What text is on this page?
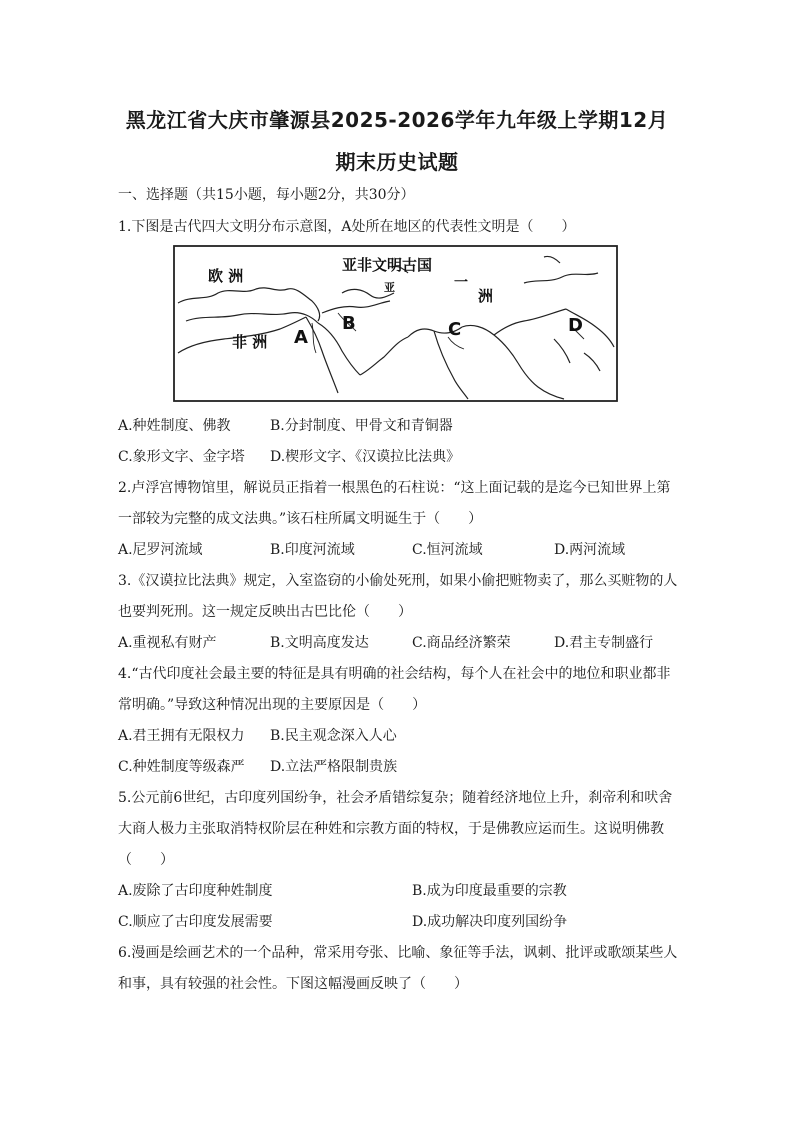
黑龙江省大庆市肇源县2025-2026学年九年级上学期12月
期末历史试题
一、选择题（共15小题，每小题2分，共30分）
1.下图是古代四大文明分布示意图，A处所在地区的代表性文明是（　　）
亚非文明古国
欧 洲
非 洲
亚	一
洲
A
B	C	D
A.种姓制度、佛教	B.分封制度、甲骨文和青铜器
C.象形文字、金字塔 D.楔形文字、《汉谟拉比法典》
2.卢浮宫博物馆里，解说员正指着一根黑色的石柱说：“这上面记载的是迄今已知世界上第
一部较为完整的成文法典。”该石柱所属文明诞生于（　　）
A.尼罗河流域	B.印度河流域	C.恒河流域	D.两河流域
3.《汉谟拉比法典》规定，入室盗窃的小偷处死刑，如果小偷把赃物卖了，那么买赃物的人
也要判死刑。这一规定反映出古巴比伦（　　）
A.重视私有财产	B.文明高度发达	C.商品经济繁荣	D.君主专制盛行
4.“古代印度社会最主要的特征是具有明确的社会结构，每个人在社会中的地位和职业都非
常明确。”导致这种情况出现的主要原因是（　　）
A.君王拥有无限权力 B.民主观念深入人心
C.种姓制度等级森严 D.立法严格限制贵族
5.公元前6世纪，古印度列国纷争，社会矛盾错综复杂；随着经济地位上升，刹帝利和吠舍
大商人极力主张取消特权阶层在种姓和宗教方面的特权，于是佛教应运而生。这说明佛教
（　　）
A.废除了古印度种姓制度	B.成为印度最重要的宗教
C.顺应了古印度发展需要	D.成功解决印度列国纷争
6.漫画是绘画艺术的一个品种，常采用夸张、比喻、象征等手法，讽刺、批评或歌颂某些人
和事，具有较强的社会性。下图这幅漫画反映了（　　）
